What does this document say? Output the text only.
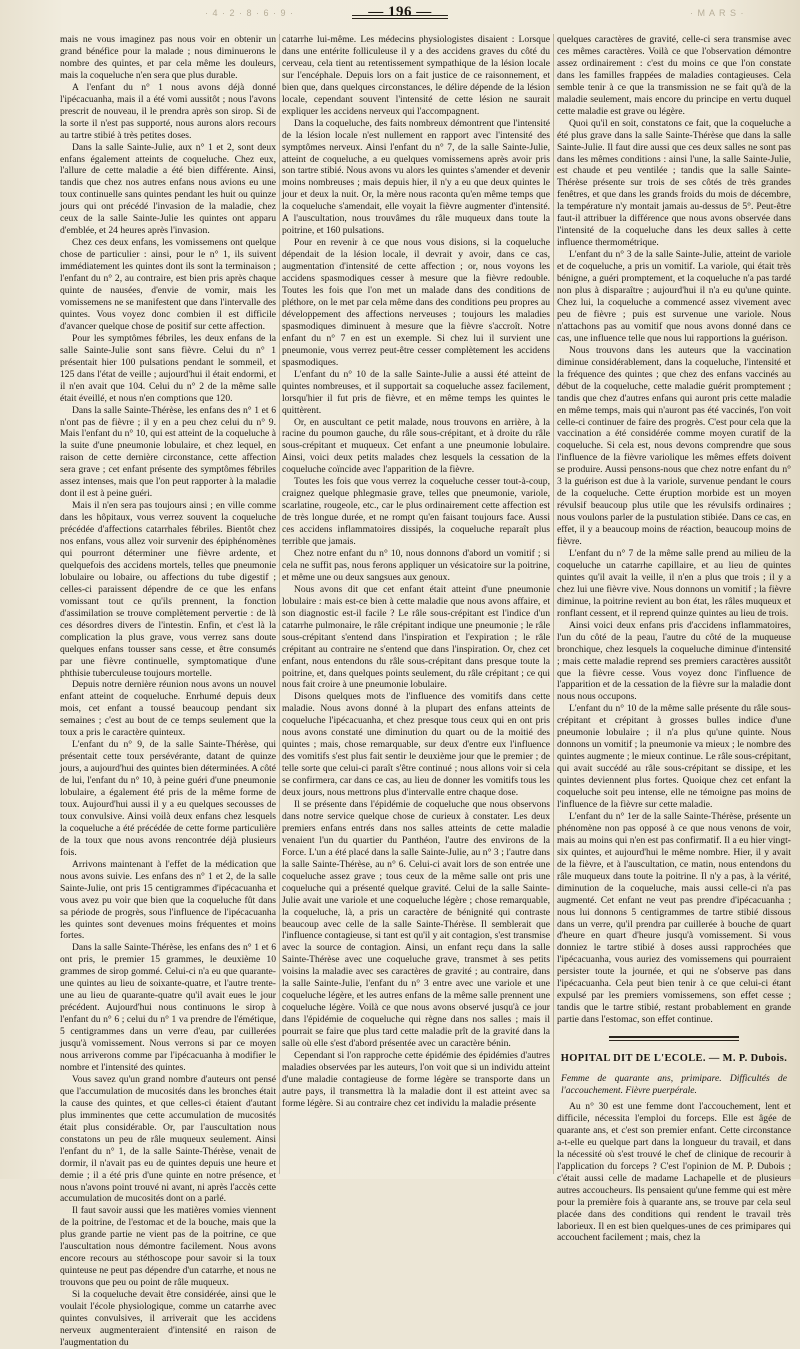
· 4 · 2 · 8 · 6 · 9 ·	— 196 —	· M A R S ·

mais ne vous imaginez pas nous voir en obtenir un grand bénéfice pour la malade ; nous diminuerons le nombre des quintes, et par cela même les douleurs, mais la coqueluche n'en sera que plus durable.

A l'enfant du n° 1 nous avons déjà donné l'ipécacuanha, mais il a été vomi aussitôt ; nous l'avons prescrit de nouveau, il le prendra après son sirop. Si de la sorte il n'est pas supporté, nous aurons alors recours au tartre stibié à très petites doses.

Dans la salle Sainte-Julie, aux n° 1 et 2, sont deux enfans également atteints de coqueluche. Chez eux, l'allure de cette maladie a été bien différente. Ainsi, tandis que chez nos autres enfans nous avions eu une toux continuelle sans quintes pendant les huit ou quinze jours qui ont précédé l'invasion de la maladie, chez ceux de la salle Sainte-Julie les quintes ont apparu d'emblée, et 24 heures après l'invasion.

Chez ces deux enfans, les vomissemens ont quelque chose de particulier : ainsi, pour le n° 1, ils suivent immédiatement les quintes dont ils sont la terminaison ; l'enfant du n° 2, au contraire, est bien pris après chaque quinte de nausées, d'envie de vomir, mais les vomissemens ne se manifestent que dans l'intervalle des quintes. Vous voyez donc combien il est difficile d'avancer quelque chose de positif sur cette affection.

Pour les symptômes fébriles, les deux enfans de la salle Sainte-Julie sont sans fièvre. Celui du n° 1 présentait hier 100 pulsations pendant le sommeil, et 125 dans l'état de veille ; aujourd'hui il était endormi, et il n'en avait que 104. Celui du n° 2 de la même salle était éveillé, et nous n'en comptions que 120.

Dans la salle Sainte-Thérèse, les enfans des n° 1 et 6 n'ont pas de fièvre ; il y en a peu chez celui du n° 9. Mais l'enfant du n° 10, qui est atteint de la coqueluche à la suite d'une pneumonie lobulaire, et chez lequel, en raison de cette dernière circonstance, cette affection sera grave ; cet enfant présente des symptômes fébriles assez intenses, mais que l'on peut rapporter à la maladie dont il est à peine guéri.

Mais il n'en sera pas toujours ainsi ; en ville comme dans les hôpitaux, vous verrez souvent la coqueluche précédée d'affections catarrhales fébriles. Bientôt chez nos enfans, vous allez voir survenir des épiphénomènes qui pourront déterminer une fièvre ardente, et quelquefois des accidens mortels, telles que pneumonie lobulaire ou lobaire, ou affections du tube digestif ; celles-ci paraissent dépendre de ce que les enfans vomissant tout ce qu'ils prennent, la fonction d'assimilation se trouve complètement pervertie : de là ces désordres divers de l'intestin. Enfin, et c'est là la complication la plus grave, vous verrez sans doute quelques enfans tousser sans cesse, et être consumés par une fièvre continuelle, symptomatique d'une phthisie tuberculeuse toujours mortelle.

Depuis notre dernière réunion nous avons un nouvel enfant atteint de coqueluche. Enrhumé depuis deux mois, cet enfant a toussé beaucoup pendant six semaines ; c'est au bout de ce temps seulement que la toux a pris le caractère quinteux.

L'enfant du n° 9, de la salle Sainte-Thérèse, qui présentait cette toux persévérante, datant de quinze jours, a aujourd'hui des quintes bien déterminées. A côté de lui, l'enfant du n° 10, à peine guéri d'une pneumonie lobulaire, a également été pris de la même forme de toux. Aujourd'hui aussi il y a eu quelques secousses de toux convulsive. Ainsi voilà deux enfans chez lesquels la coqueluche a été précédée de cette forme particulière de la toux que nous avons rencontrée déjà plusieurs fois.

Arrivons maintenant à l'effet de la médication que nous avons suivie. Les enfans des n° 1 et 2, de la salle Sainte-Julie, ont pris 15 centigrammes d'ipécacuanha et vous avez pu voir que bien que la coqueluche fût dans sa période de progrès, sous l'influence de l'ipécacuanha les quintes sont devenues moins fréquentes et moins fortes.

Dans la salle Sainte-Thérèse, les enfans des n° 1 et 6 ont pris, le premier 15 grammes, le deuxième 10 grammes de sirop gommé. Celui-ci n'a eu que quarante-une quintes au lieu de soixante-quatre, et l'autre trente-une au lieu de quarante-quatre qu'il avait eues le jour précédent. Aujourd'hui nous continuons le sirop à l'enfant du n° 6 ; celui du n° 1 va prendre de l'émétique, 5 centigrammes dans un verre d'eau, par cuillerées jusqu'à vomissement. Nous verrons si par ce moyen nous arriverons comme par l'ipécacuanha à modifier le nombre et l'intensité des quintes.

Vous savez qu'un grand nombre d'auteurs ont pensé que l'accumulation de mucosités dans les bronches était la cause des quintes, et que celles-ci étaient d'autant plus imminentes que cette accumulation de mucosités était plus considérable. Or, par l'auscultation nous constatons un peu de râle muqueux seulement. Ainsi l'enfant du n° 1, de la salle Sainte-Thérèse, venait de dormir, il n'avait pas eu de quintes depuis une heure et demie ; il a été pris d'une quinte en notre présence, et nous n'avons point trouvé ni avant, ni après l'accès cette accumulation de mucosités dont on a parlé.

Il faut savoir aussi que les matières vomies viennent de la poitrine, de l'estomac et de la bouche, mais que la plus grande partie ne vient pas de la poitrine, ce que l'auscultation nous démontre facilement. Nous avons encore recours au stéthoscope pour savoir si la toux quinteuse ne peut pas dépendre d'un catarrhe, et nous ne trouvons que peu ou point de râle muqueux.

Si la coqueluche devait être considérée, ainsi que le voulait l'école physiologique, comme un catarrhe avec quintes convulsives, il arriverait que les accidens nerveux augmenteraient d'intensité en raison de l'augmentation du

catarrhe lui-même. Les médecins physiologistes disaient : Lorsque dans une entérite folliculeuse il y a des accidens graves du côté du cerveau, cela tient au retentissement sympathique de la lésion locale sur l'encéphale. Depuis lors on a fait justice de ce raisonnement, et bien que, dans quelques circonstances, le délire dépende de la lésion locale, cependant souvent l'intensité de cette lésion ne saurait expliquer les accidens nerveux qui l'accompagnent.

Dans la coqueluche, des faits nombreux démontrent que l'intensité de la lésion locale n'est nullement en rapport avec l'intensité des symptômes nerveux. Ainsi l'enfant du n° 7, de la salle Sainte-Julie, atteint de coqueluche, a eu quelques vomissemens après avoir pris son tartre stibié. Nous avons vu alors les quintes s'amender et devenir moins nombreuses ; mais depuis hier, il n'y a eu que deux quintes le jour et deux la nuit. Or, la mère nous raconta qu'en même temps que la coqueluche s'amendait, elle voyait la fièvre augmenter d'intensité. A l'auscultation, nous trouvâmes du râle muqueux dans toute la poitrine, et 160 pulsations.

Pour en revenir à ce que nous vous disions, si la coqueluche dépendait de la lésion locale, il devrait y avoir, dans ce cas, augmentation d'intensité de cette affection ; or, nous voyons les accidens spasmodiques cesser à mesure que la fièvre redouble. Toutes les fois que l'on met un malade dans des conditions de pléthore, on le met par cela même dans des conditions peu propres au développement des affections nerveuses ; toujours les maladies spasmodiques diminuent à mesure que la fièvre s'accroît. Notre enfant du n° 7 en est un exemple. Si chez lui il survient une pneumonie, vous verrez peut-être cesser complètement les accidens spasmodiques.

L'enfant du n° 10 de la salle Sainte-Julie a aussi été atteint de quintes nombreuses, et il supportait sa coqueluche assez facilement, lorsqu'hier il fut pris de fièvre, et en même temps les quintes le quittèrent.

Or, en auscultant ce petit malade, nous trouvons en arrière, à la racine du poumon gauche, du râle sous-crépitant, et à droite du râle sous-crépitant et muqueux. Cet enfant a une pneumonie lobulaire. Ainsi, voici deux petits malades chez lesquels la cessation de la coqueluche coïncide avec l'apparition de la fièvre.

Toutes les fois que vous verrez la coqueluche cesser tout-à-coup, craignez quelque phlegmasie grave, telles que pneumonie, variole, scarlatine, rougeole, etc., car le plus ordinairement cette affection est de très longue durée, et ne rompt qu'en faisant toujours face. Aussi ces accidens inflammatoires dissipés, la coqueluche reparaît plus terrible que jamais.

Chez notre enfant du n° 10, nous donnons d'abord un vomitif ; si cela ne suffit pas, nous ferons appliquer un vésicatoire sur la poitrine, et même une ou deux sangsues aux genoux.

Nous avons dit que cet enfant était atteint d'une pneumonie lobulaire : mais est-ce bien à cette maladie que nous avons affaire, et son diagnostic est-il facile ? Le râle sous-crépitant est l'indice d'un catarrhe pulmonaire, le râle crépitant indique une pneumonie ; le râle sous-crépitant s'entend dans l'inspiration et l'expiration ; le râle crépitant au contraire ne s'entend que dans l'inspiration. Or, chez cet enfant, nous entendons du râle sous-crépitant dans presque toute la poitrine, et, dans quelques points seulement, du râle crépitant ; ce qui nous fait croire à une pneumonie lobulaire.

Disons quelques mots de l'influence des vomitifs dans cette maladie. Nous avons donné à la plupart des enfans atteints de coqueluche l'ipécacuanha, et chez presque tous ceux qui en ont pris nous avons constaté une diminution du quart ou de la moitié des quintes ; mais, chose remarquable, sur deux d'entre eux l'influence des vomitifs s'est plus fait sentir le deuxième jour que le premier ; de telle sorte que celui-ci paraît s'être continué ; nous allons voir si cela se confirmera, car dans ce cas, au lieu de donner les vomitifs tous les deux jours, nous mettrons plus d'intervalle entre chaque dose.

Il se présente dans l'épidémie de coqueluche que nous observons dans notre service quelque chose de curieux à constater. Les deux premiers enfans entrés dans nos salles atteints de cette maladie venaient l'un du quartier du Panthéon, l'autre des environs de la Force. L'un a été placé dans la salle Sainte-Julie, au n° 3 ; l'autre dans la salle Sainte-Thérèse, au n° 6. Celui-ci avait lors de son entrée une coqueluche assez grave ; tous ceux de la même salle ont pris une coqueluche qui a présenté quelque gravité. Celui de la salle Sainte-Julie avait une variole et une coqueluche légère ; chose remarquable, la coqueluche, là, a pris un caractère de bénignité qui contraste beaucoup avec celle de la salle Sainte-Thérèse. Il semblerait que l'influence contagieuse, si tant est qu'il y ait contagion, s'est transmise avec la source de contagion. Ainsi, un enfant reçu dans la salle Sainte-Thérèse avec une coqueluche grave, transmet à ses petits voisins la maladie avec ses caractères de gravité ; au contraire, dans la salle Sainte-Julie, l'enfant du n° 3 entre avec une variole et une coqueluche légère, et les autres enfans de la même salle prennent une coqueluche légère. Voilà ce que nous avons observé jusqu'à ce jour dans l'épidémie de coqueluche qui règne dans nos salles ; mais il pourrait se faire que plus tard cette maladie prît de la gravité dans la salle où elle s'est d'abord présentée avec un caractère bénin.

Cependant si l'on rapproche cette épidémie des épidémies d'autres maladies observées par les auteurs, l'on voit que si un individu atteint d'une maladie contagieuse de forme légère se transporte dans un autre pays, il transmettra là la maladie dont il est atteint avec sa forme légère. Si au contraire chez cet individu la maladie présente

quelques caractères de gravité, celle-ci sera transmise avec ces mêmes caractères. Voilà ce que l'observation démontre assez ordinairement : c'est du moins ce que l'on constate dans les familles frappées de maladies contagieuses. Cela semble tenir à ce que la transmission ne se fait qu'à de la maladie seulement, mais encore du principe en vertu duquel cette maladie est grave ou légère.

Quoi qu'il en soit, constatons ce fait, que la coqueluche a été plus grave dans la salle Sainte-Thérèse que dans la salle Sainte-Julie. Il faut dire aussi que ces deux salles ne sont pas dans les mêmes conditions : ainsi l'une, la salle Sainte-Julie, est chaude et peu ventilée ; tandis que la salle Sainte-Thérèse présente sur trois de ses côtés de très grandes fenêtres, et que dans les grands froids du mois de décembre, la température n'y montait jamais au-dessus de 5°. Peut-être faut-il attribuer la différence que nous avons observée dans l'intensité de la coqueluche dans les deux salles à cette influence thermométrique.

L'enfant du n° 3 de la salle Sainte-Julie, atteint de variole et de coqueluche, a pris un vomitif. La variole, qui était très bénigne, a guéri promptement, et la coqueluche n'a pas tardé non plus à disparaître ; aujourd'hui il n'a eu qu'une quinte. Chez lui, la coqueluche a commencé assez vivement avec peu de fièvre ; puis est survenue une variole. Nous n'attachons pas au vomitif que nous avons donné dans ce cas, une influence telle que nous lui rapportions la guérison.

Nous trouvons dans les auteurs que la vaccination diminue considérablement, dans la coqueluche, l'intensité et la fréquence des quintes ; que chez des enfans vaccinés au début de la coqueluche, cette maladie guérit promptement ; tandis que chez d'autres enfans qui auront pris cette maladie en même temps, mais qui n'auront pas été vaccinés, l'on voit celle-ci continuer de faire des progrès. C'est pour cela que la vaccination a été considérée comme moyen curatif de la coqueluche. Si cela est, nous devons comprendre que sous l'influence de la fièvre variolique les mêmes effets doivent se produire. Aussi pensons-nous que chez notre enfant du n° 3 la guérison est due à la variole, survenue pendant le cours de la coqueluche. Cette éruption morbide est un moyen révulsif beaucoup plus utile que les révulsifs ordinaires ; nous voulons parler de la pustulation stibiée. Dans ce cas, en effet, il y a beaucoup moins de réaction, beaucoup moins de fièvre.

L'enfant du n° 7 de la même salle prend au milieu de la coqueluche un catarrhe capillaire, et au lieu de quintes quintes qu'il avait la veille, il n'en a plus que trois ; il y a chez lui une fièvre vive. Nous donnons un vomitif ; la fièvre diminue, la poitrine revient au bon état, les râles muqueux et ronflant cessent, et il reprend quinze quintes au lieu de trois.

Ainsi voici deux enfans pris d'accidens inflammatoires, l'un du côté de la peau, l'autre du côté de la muqueuse bronchique, chez lesquels la coqueluche diminue d'intensité ; mais cette maladie reprend ses premiers caractères aussitôt que la fièvre cesse. Vous voyez donc l'influence de l'apparition et de la cessation de la fièvre sur la maladie dont nous nous occupons.

L'enfant du n° 10 de la même salle présente du râle sous-crépitant et crépitant à grosses bulles indice d'une pneumonie lobulaire ; il n'a plus qu'une quinte. Nous donnons un vomitif ; la pneumonie va mieux ; le nombre des quintes augmente ; le mieux continue. Le râle sous-crépitant, qui avait succédé au râle sous-crépitant se dissipe, et les quintes deviennent plus fortes. Quoique chez cet enfant la coqueluche soit peu intense, elle ne témoigne pas moins de l'influence de la fièvre sur cette maladie.

L'enfant du n° 1er de la salle Sainte-Thérèse, présente un phénomène non pas opposé à ce que nous venons de voir, mais au moins qui n'en est pas confirmatif. Il a eu hier vingt-six quintes, et aujourd'hui le même nombre. Hier, il y avait de la fièvre, et à l'auscultation, ce matin, nous entendons du râle muqueux dans toute la poitrine. Il n'y a pas, à la vérité, diminution de la coqueluche, mais aussi celle-ci n'a pas augmenté. Cet enfant ne veut pas prendre d'ipécacuanha ; nous lui donnons 5 centigrammes de tartre stibié dissous dans un verre, qu'il prendra par cuillerée à bouche de quart d'heure en quart d'heure jusqu'à vomissement. Si vous donniez le tartre stibié à doses aussi rapprochées que l'ipécacuanha, vous auriez des vomissemens qui pourraient persister toute la journée, et qui ne s'observe pas dans l'ipécacuanha. Cela peut bien tenir à ce que celui-ci étant expulsé par les premiers vomissemens, son effet cesse ; tandis que le tartre stibié, restant probablement en grande partie dans l'estomac, son effet continue.

HOPITAL DIT DE L'ECOLE. — M. P. Dubois.

Femme de quarante ans, primipare. Difficultés de l'accouchement. Fièvre puerpérale.

Au n° 30 est une femme dont l'accouchement, lent et difficile, nécessita l'emploi du forceps. Elle est âgée de quarante ans, et c'est son premier enfant. Cette circonstance a-t-elle eu quelque part dans la longueur du travail, et dans la nécessité où s'est trouvé le chef de clinique de recourir à l'application du forceps ? C'est l'opinion de M. P. Dubois ; c'était aussi celle de madame Lachapelle et de plusieurs autres accoucheurs. Ils pensaient qu'une femme qui est mère pour la première fois à quarante ans, se trouve par cela seul placée dans des conditions qui rendent le travail très laborieux. Il en est bien quelques-unes de ces primipares qui accouchent facilement ; mais, chez la
